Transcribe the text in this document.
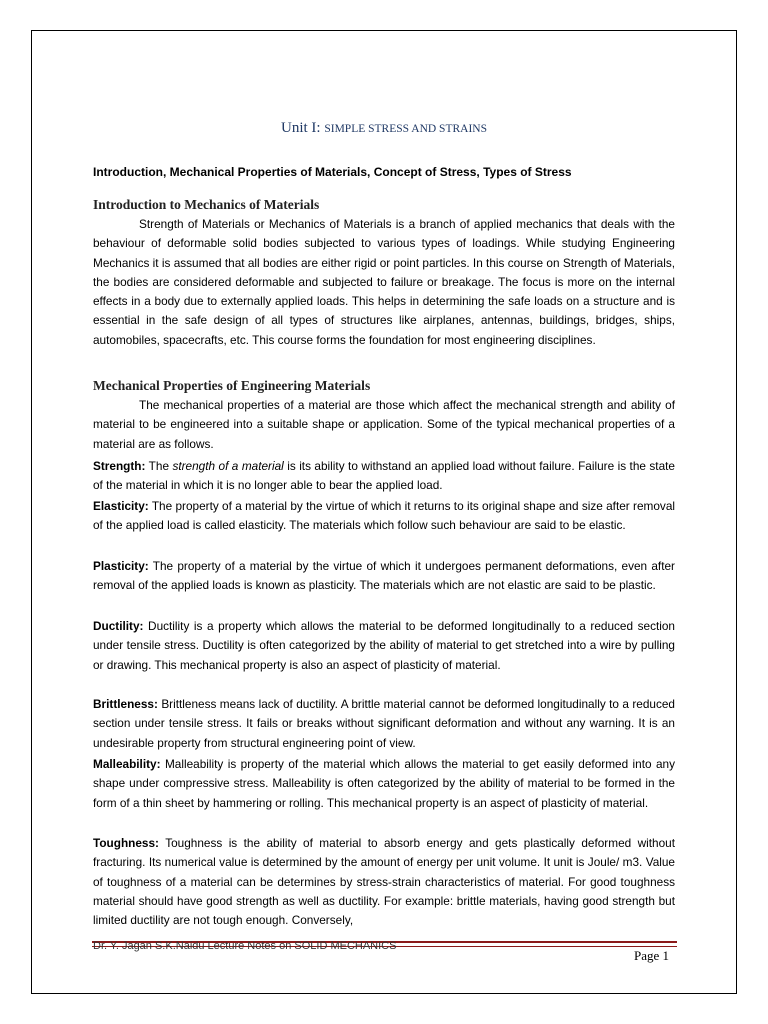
Unit I: SIMPLE STRESS AND STRAINS
Introduction, Mechanical Properties of Materials, Concept of Stress, Types of Stress
Introduction to Mechanics of Materials
Strength of Materials or Mechanics of Materials is a branch of applied mechanics that deals with the behaviour of deformable solid bodies subjected to various types of loadings. While studying Engineering Mechanics it is assumed that all bodies are either rigid or point particles. In this course on Strength of Materials, the bodies are considered deformable and subjected to failure or breakage. The focus is more on the internal effects in a body due to externally applied loads. This helps in determining the safe loads on a structure and is essential in the safe design of all types of structures like airplanes, antennas, buildings, bridges, ships, automobiles, spacecrafts, etc. This course forms the foundation for most engineering disciplines.
Mechanical Properties of Engineering Materials
The mechanical properties of a material are those which affect the mechanical strength and ability of material to be engineered into a suitable shape or application. Some of the typical mechanical properties of a material are as follows.
Strength: The strength of a material is its ability to withstand an applied load without failure. Failure is the state of the material in which it is no longer able to bear the applied load.
Elasticity: The property of a material by the virtue of which it returns to its original shape and size after removal of the applied load is called elasticity. The materials which follow such behaviour are said to be elastic.
Plasticity: The property of a material by the virtue of which it undergoes permanent deformations, even after removal of the applied loads is known as plasticity. The materials which are not elastic are said to be plastic.
Ductility: Ductility is a property which allows the material to be deformed longitudinally to a reduced section under tensile stress. Ductility is often categorized by the ability of material to get stretched into a wire by pulling or drawing. This mechanical property is also an aspect of plasticity of material.
Brittleness: Brittleness means lack of ductility. A brittle material cannot be deformed longitudinally to a reduced section under tensile stress. It fails or breaks without significant deformation and without any warning. It is an undesirable property from structural engineering point of view.
Malleability: Malleability is property of the material which allows the material to get easily deformed into any shape under compressive stress. Malleability is often categorized by the ability of material to be formed in the form of a thin sheet by hammering or rolling. This mechanical property is an aspect of plasticity of material.
Toughness: Toughness is the ability of material to absorb energy and gets plastically deformed without fracturing. Its numerical value is determined by the amount of energy per unit volume. It unit is Joule/ m3. Value of toughness of a material can be determines by stress-strain characteristics of material. For good toughness material should have good strength as well as ductility. For example: brittle materials, having good strength but limited ductility are not tough enough. Conversely,
Dr. Y. Jagan S.K.Naidu Lecture Notes on SOLID MECHANICS
Page 1
